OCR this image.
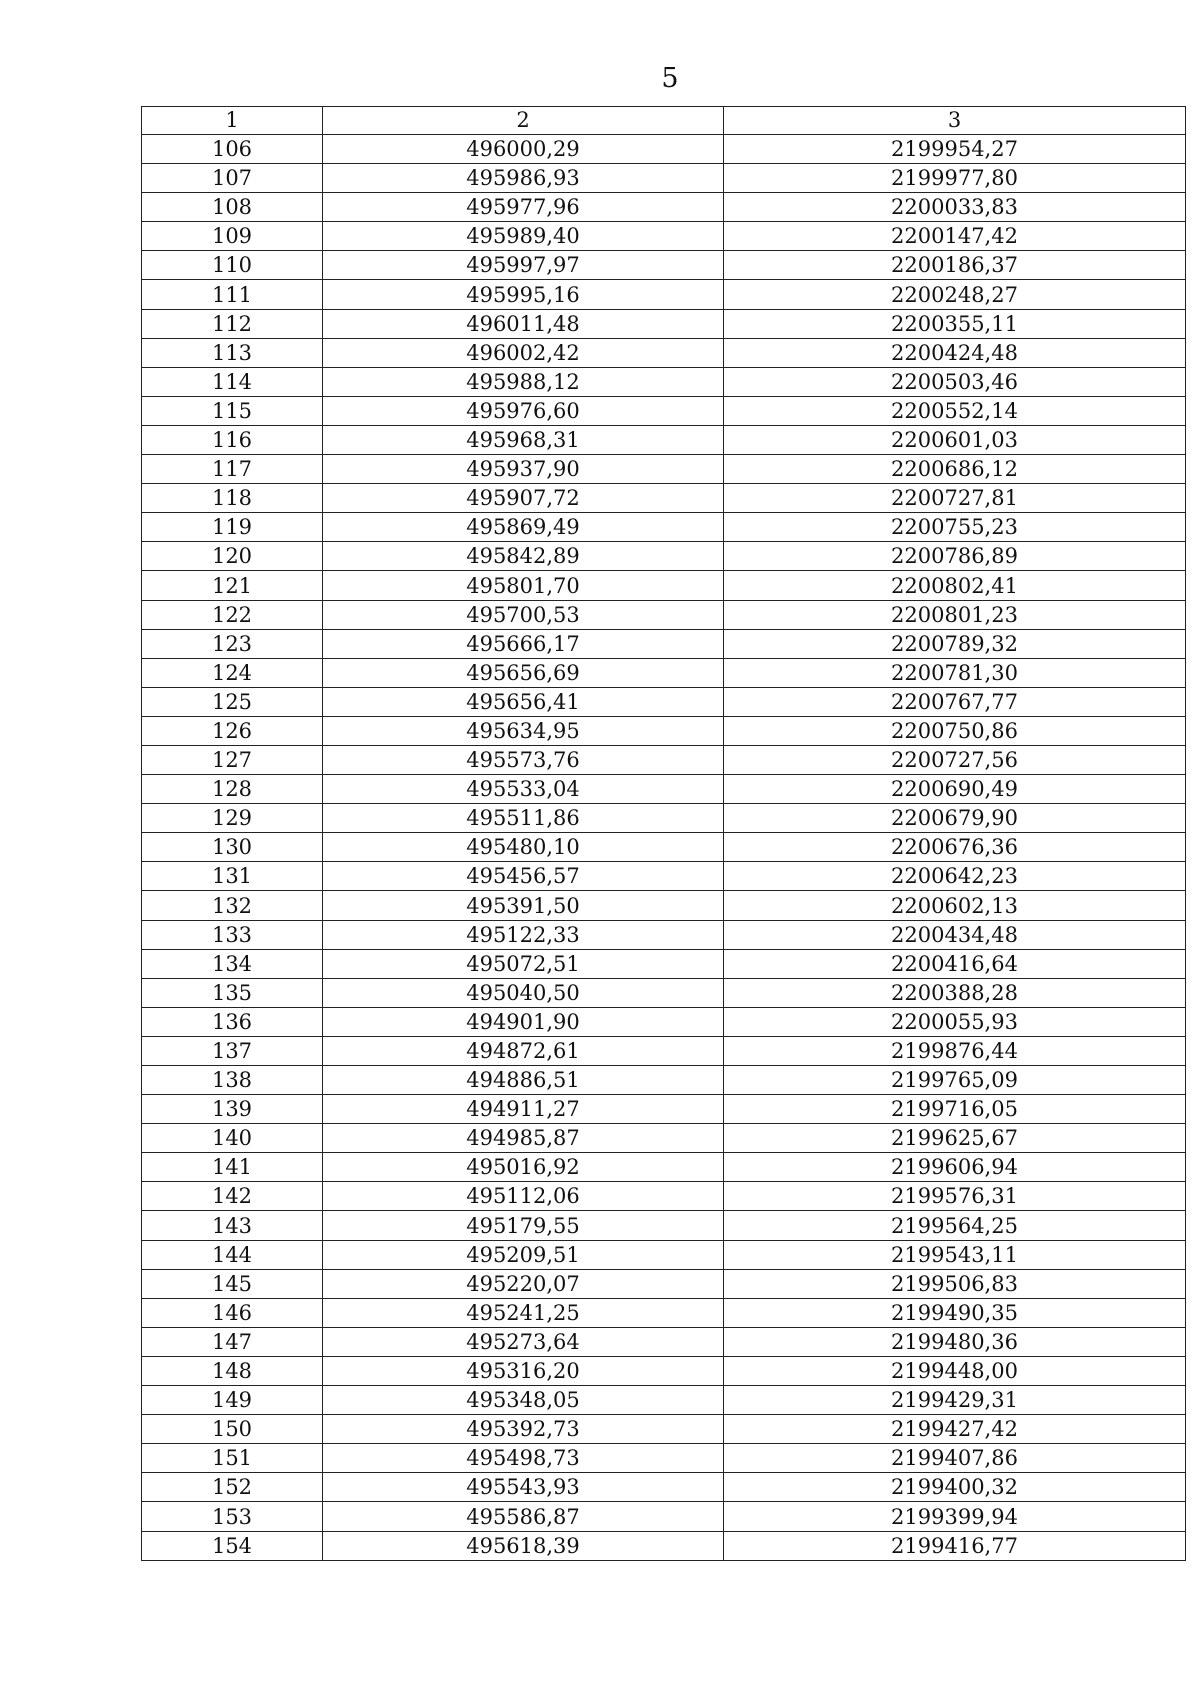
5
1	2	3
106	496000,29	2199954,27
107	495986,93	2199977,80
108	495977,96	2200033,83
109	495989,40	2200147,42
110	495997,97	2200186,37
111	495995,16	2200248,27
112	496011,48	2200355,11
113	496002,42	2200424,48
114	495988,12	2200503,46
115	495976,60	2200552,14
116	495968,31	2200601,03
117	495937,90	2200686,12
118	495907,72	2200727,81
119	495869,49	2200755,23
120	495842,89	2200786,89
121	495801,70	2200802,41
122	495700,53	2200801,23
123	495666,17	2200789,32
124	495656,69	2200781,30
125	495656,41	2200767,77
126	495634,95	2200750,86
127	495573,76	2200727,56
128	495533,04	2200690,49
129	495511,86	2200679,90
130	495480,10	2200676,36
131	495456,57	2200642,23
132	495391,50	2200602,13
133	495122,33	2200434,48
134	495072,51	2200416,64
135	495040,50	2200388,28
136	494901,90	2200055,93
137	494872,61	2199876,44
138	494886,51	2199765,09
139	494911,27	2199716,05
140	494985,87	2199625,67
141	495016,92	2199606,94
142	495112,06	2199576,31
143	495179,55	2199564,25
144	495209,51	2199543,11
145	495220,07	2199506,83
146	495241,25	2199490,35
147	495273,64	2199480,36
148	495316,20	2199448,00
149	495348,05	2199429,31
150	495392,73	2199427,42
151	495498,73	2199407,86
152	495543,93	2199400,32
153	495586,87	2199399,94
154	495618,39	2199416,77
